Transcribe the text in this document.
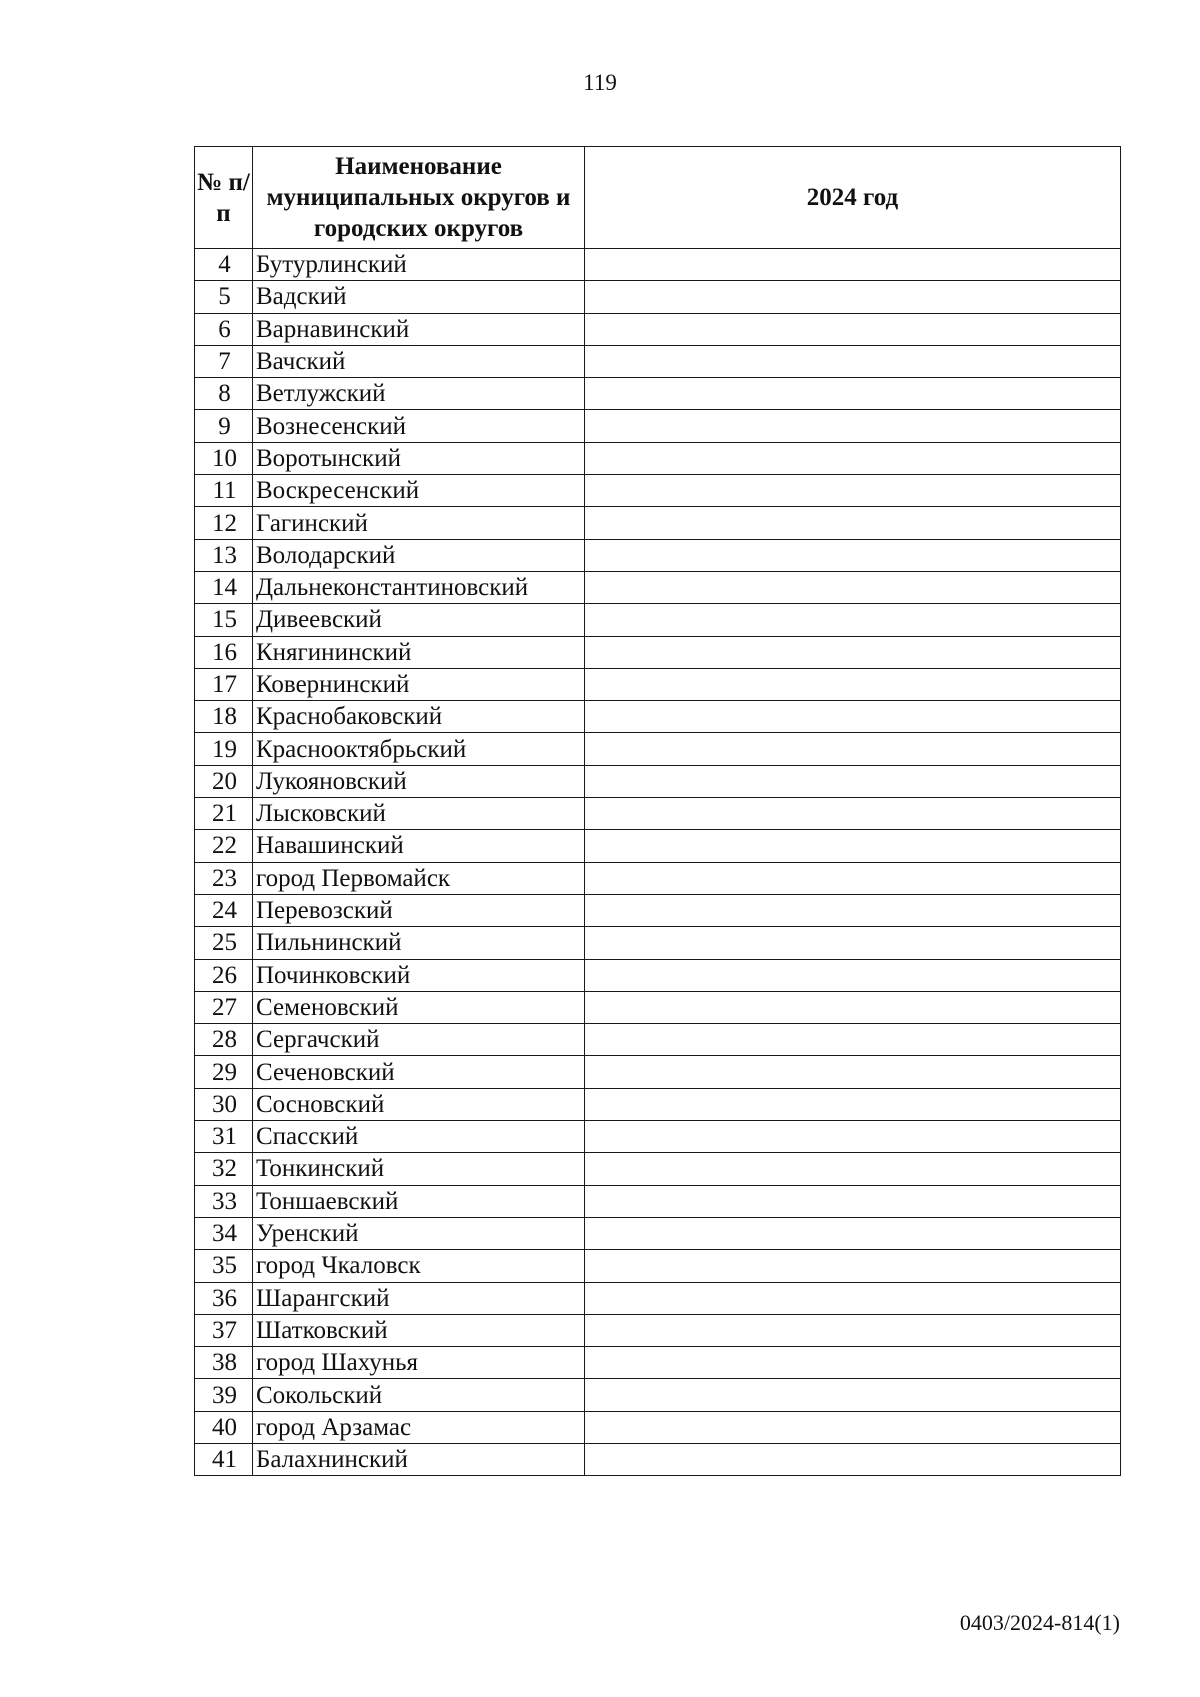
119
№ п/п	Наименование муниципальных округов и городских округов	2024 год
4	Бутурлинский	
5	Вадский	
6	Варнавинский	
7	Вачский	
8	Ветлужский	
9	Вознесенский	
10	Воротынский	
11	Воскресенский	
12	Гагинский	
13	Володарский	
14	Дальнеконстантиновский	
15	Дивеевский	
16	Княгининский	
17	Ковернинский	
18	Краснобаковский	
19	Краснооктябрьский	
20	Лукояновский	
21	Лысковский	
22	Навашинский	
23	город Первомайск	
24	Перевозский	
25	Пильнинский	
26	Починковский	
27	Семеновский	
28	Сергачский	
29	Сеченовский	
30	Сосновский	
31	Спасский	
32	Тонкинский	
33	Тоншаевский	
34	Уренский	
35	город Чкаловск	
36	Шарангский	
37	Шатковский	
38	город Шахунья	
39	Сокольский	
40	город Арзамас	
41	Балахнинский	
0403/2024-814(1)
